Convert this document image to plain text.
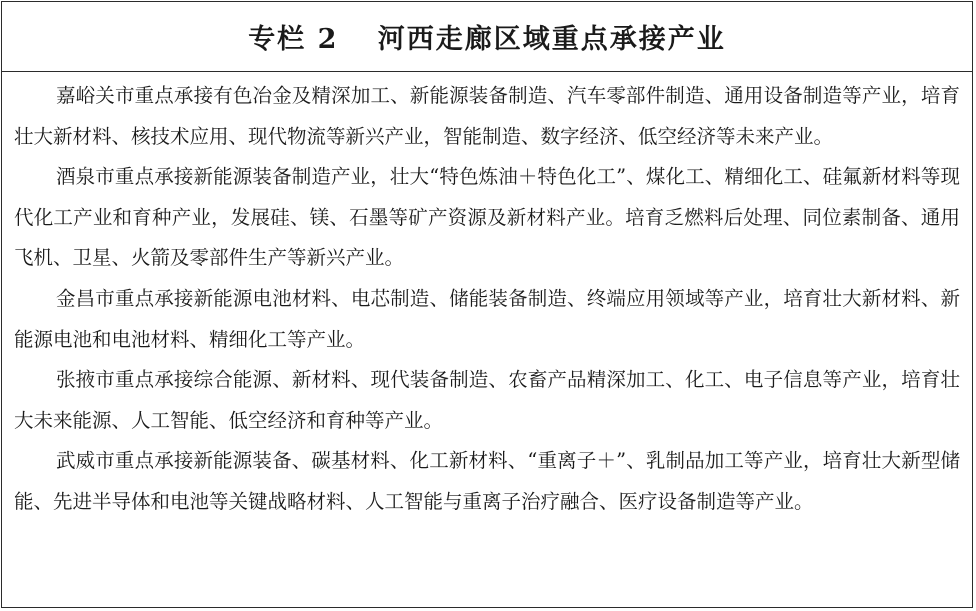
专栏 2 河西走廊区域重点承接产业

嘉峪关市重点承接有色冶金及精深加工、新能源装备制造、汽车零部件制造、通用设备制造等产业，培育壮大新材料、核技术应用、现代物流等新兴产业，智能制造、数字经济、低空经济等未来产业。

酒泉市重点承接新能源装备制造产业，壮大“特色炼油＋特色化工”、煤化工、精细化工、硅氟新材料等现代化工产业和育种产业，发展硅、镁、石墨等矿产资源及新材料产业。培育乏燃料后处理、同位素制备、通用飞机、卫星、火箭及零部件生产等新兴产业。

金昌市重点承接新能源电池材料、电芯制造、储能装备制造、终端应用领域等产业，培育壮大新材料、新能源电池和电池材料、精细化工等产业。

张掖市重点承接综合能源、新材料、现代装备制造、农畜产品精深加工、化工、电子信息等产业，培育壮大未来能源、人工智能、低空经济和育种等产业。

武威市重点承接新能源装备、碳基材料、化工新材料、“重离子＋”、乳制品加工等产业，培育壮大新型储能、先进半导体和电池等关键战略材料、人工智能与重离子治疗融合、医疗设备制造等产业。
